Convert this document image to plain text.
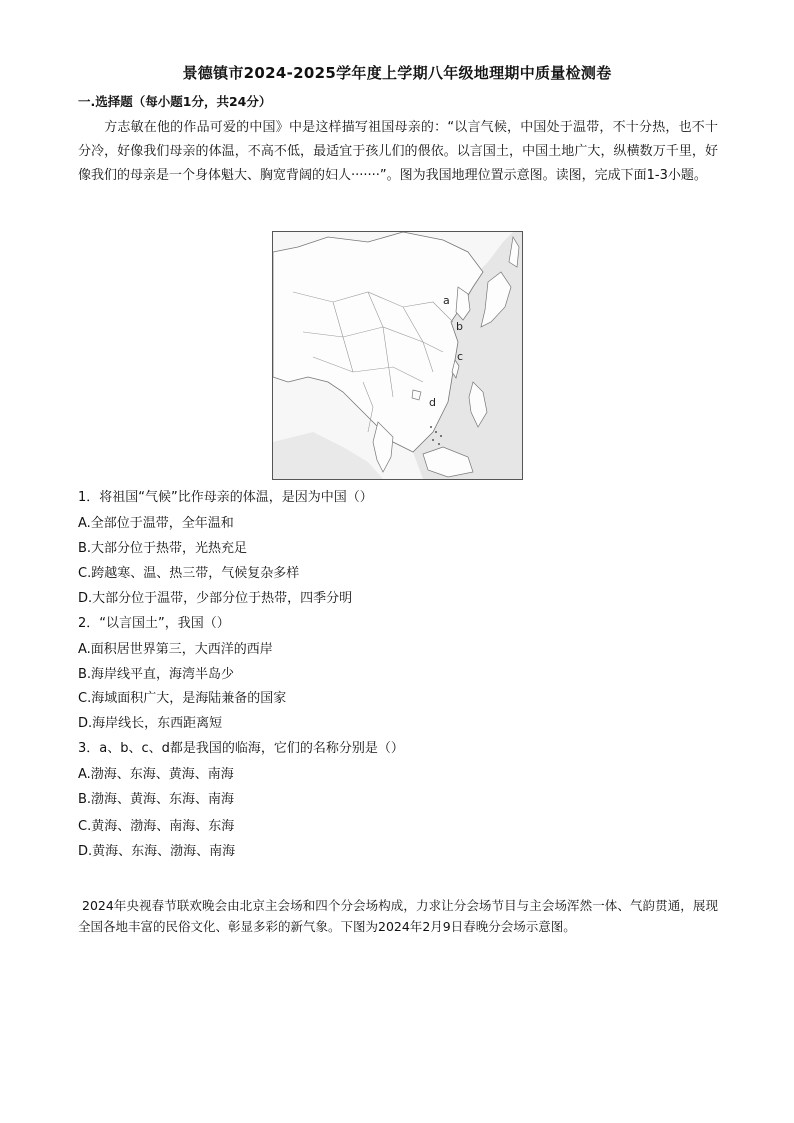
景德镇市2024-2025学年度上学期八年级地理期中质量检测卷
一.选择题（每小题1分，共24分）
方志敏在他的作品可爱的中国》中是这样描写祖国母亲的：“以言气候，中国处于温带，不十分热，也不十分冷，好像我们母亲的体温，不高不低，最适宜于孩儿们的偎依。以言国土，中国土地广大，纵横数万千里，好像我们的母亲是一个身体魁大、胸宽背阔的妇人·······”。图为我国地理位置示意图。读图，完成下面1-3小题。
a
b
c
d
1．将祖国“气候”比作母亲的体温，是因为中国（）
A.全部位于温带，全年温和
B.大部分位于热带，光热充足
C.跨越寒、温、热三带，气候复杂多样
D.大部分位于温带，少部分位于热带，四季分明
2．“以言国土”，我国（）
A.面积居世界第三，大西洋的西岸
B.海岸线平直，海湾半岛少
C.海域面积广大，是海陆兼备的国家
D.海岸线长，东西距离短
3．a、b、c、d都是我国的临海，它们的名称分别是（）
A.渤海、东海、黄海、南海
B.渤海、黄海、东海、南海
C.黄海、渤海、南海、东海
D.黄海、东海、渤海、南海
2024年央视春节联欢晚会由北京主会场和四个分会场构成，力求让分会场节目与主会场浑然一体、气韵贯通，展现全国各地丰富的民俗文化、彰显多彩的新气象。下图为2024年2月9日春晚分会场示意图。
